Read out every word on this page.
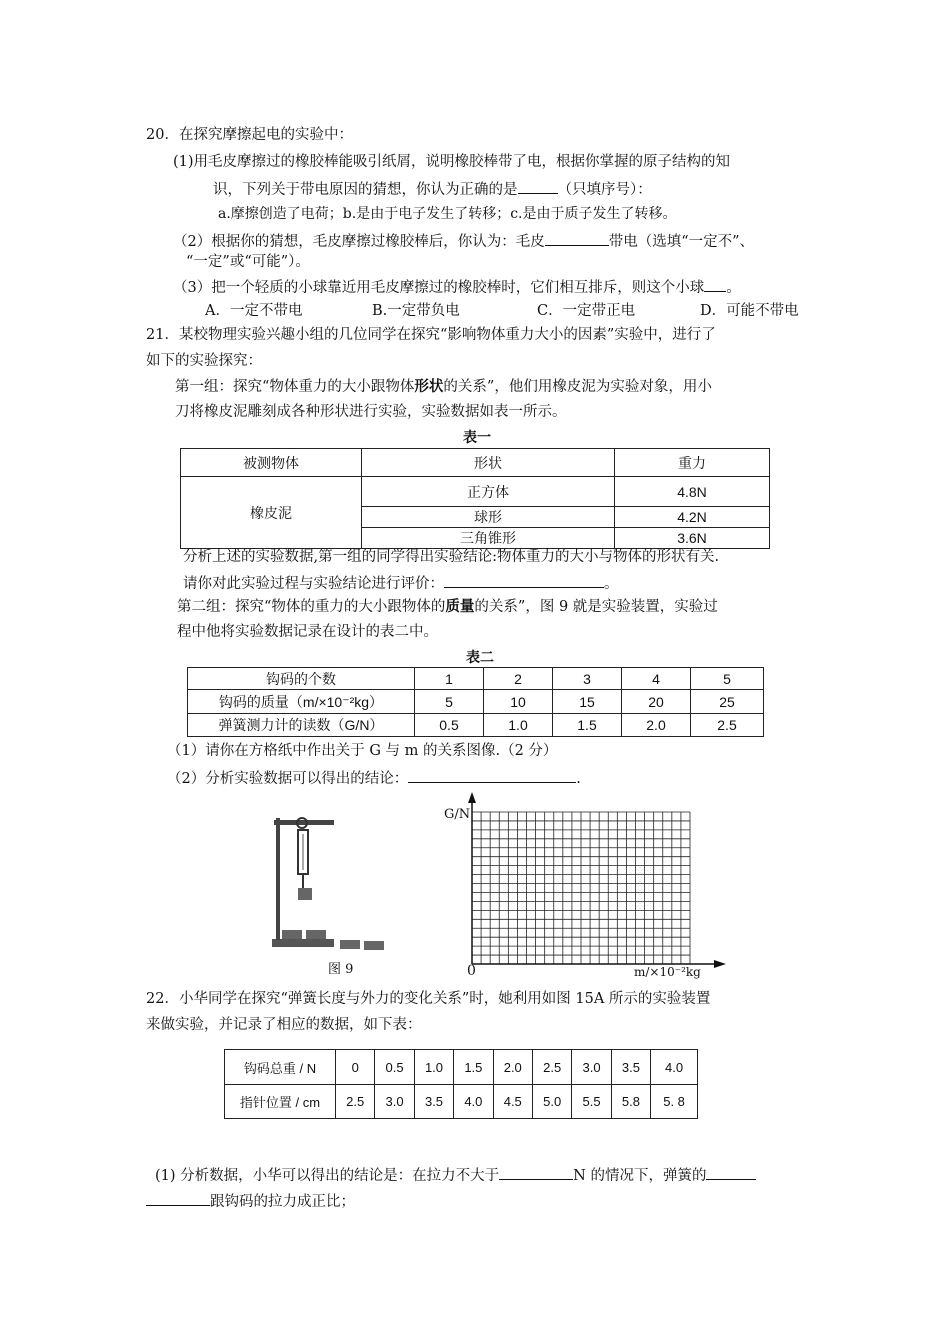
20．在探究摩擦起电的实验中：
(1)用毛皮摩擦过的橡胶棒能吸引纸屑，说明橡胶棒带了电，根据你掌握的原子结构的知
识，下列关于带电原因的猜想，你认为正确的是	（只填序号）：
a.摩擦创造了电荷；b.是由于电子发生了转移；c.是由于质子发生了转移。
（2）根据你的猜想，毛皮摩擦过橡胶棒后，你认为：毛皮	带电（选填“一定不”、
“一定”或“可能”）。
（3）把一个轻质的小球靠近用毛皮摩擦过的橡胶棒时，它们相互排斥，则这个小球 。
A．一定不带电	B.一定带负电	C．一定带正电	D．可能不带电
21．某校物理实验兴趣小组的几位同学在探究“影响物体重力大小的因素”实验中，进行了
如下的实验探究：
第一组：探究“物体重力的大小跟物体形状的关系”，他们用橡皮泥为实验对象，用小
刀将橡皮泥雕刻成各种形状进行实验，实验数据如表一所示。
表一
被测物体	形状	重力
橡皮泥	正方体	4.8N
	球形	4.2N
	三角锥形	3.6N
分析上述的实验数据,第一组的同学得出实验结论:物体重力的大小与物体的形状有关.
请你对此实验过程与实验结论进行评价：	。
第二组：探究“物体的重力的大小跟物体的质量的关系”，图 9 就是实验装置，实验过
程中他将实验数据记录在设计的表二中。
表二
钩码的个数	1	2	3	4	5
钩码的质量（m/×10⁻²kg）	5	10	15	20	25
弹簧测力计的读数（G/N）	0.5	1.0	1.5	2.0	2.5
（1）请你在方格纸中作出关于 G 与 m 的关系图像.（2 分）
（2）分析实验数据可以得出的结论：	.
图 9
G/N
0	m/×10⁻²kg
22．小华同学在探究“弹簧长度与外力的变化关系”时，她利用如图 15A 所示的实验装置
来做实验，并记录了相应的数据，如下表：
钩码总重 / N	0	0.5	1.0	1.5	2.0	2.5	3.0	3.5	4.0
指针位置 / cm	2.5	3.0	3.5	4.0	4.5	5.0	5.5	5.8	5. 8
(1) 分析数据，小华可以得出的结论是：在拉力不大于	N 的情况下，弹簧的
跟钩码的拉力成正比；
